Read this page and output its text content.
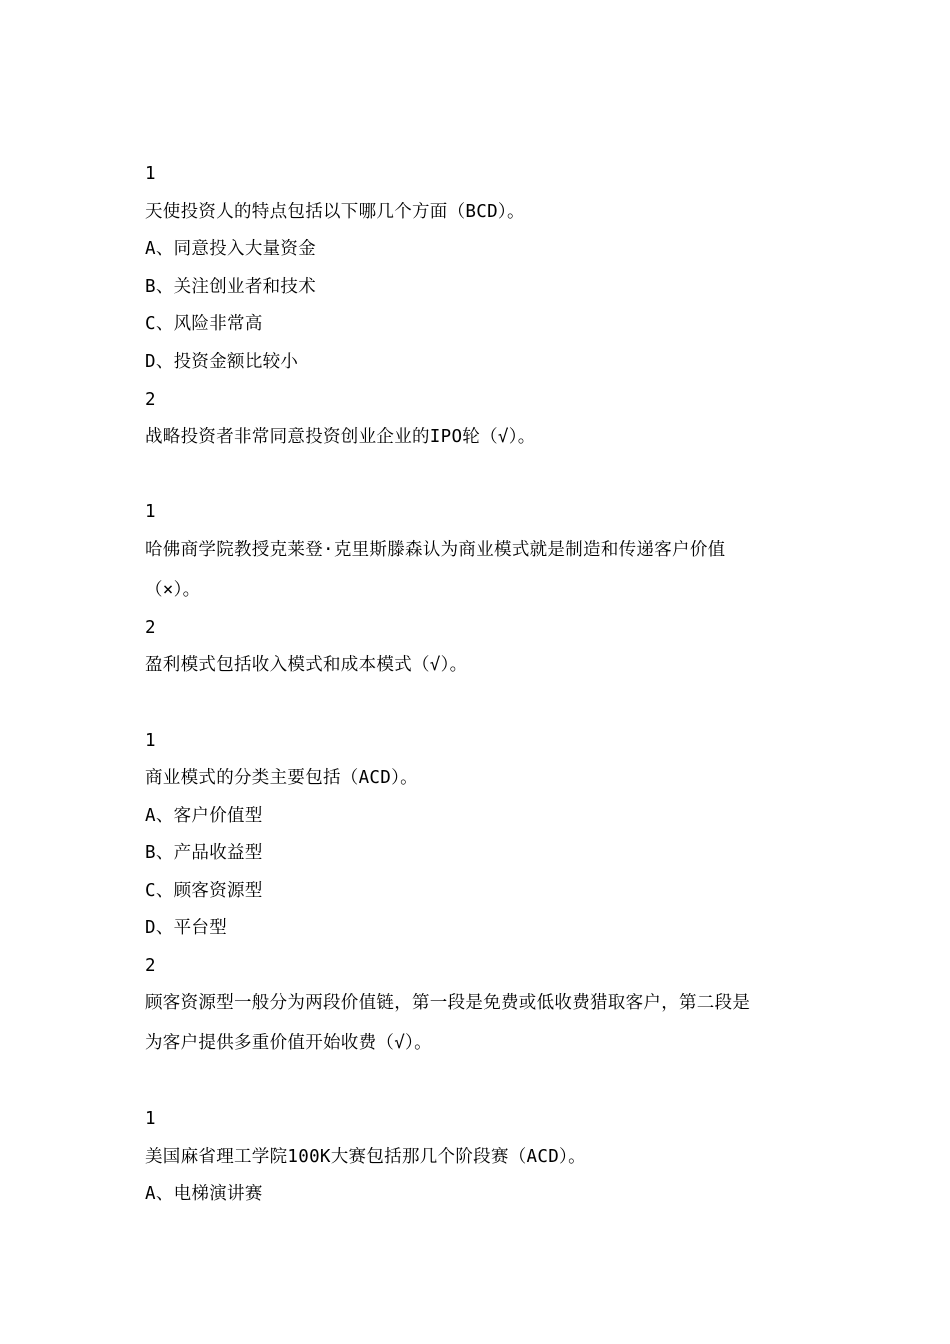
1
天使投资人的特点包括以下哪几个方面（BCD）。
A、同意投入大量资金
B、关注创业者和技术
C、风险非常高
D、投资金额比较小
2
战略投资者非常同意投资创业企业的IPO轮（√）。
1
哈佛商学院教授克莱登·克里斯滕森认为商业模式就是制造和传递客户价值
（×）。
2
盈利模式包括收入模式和成本模式（√）。
1
商业模式的分类主要包括（ACD）。
A、客户价值型
B、产品收益型
C、顾客资源型
D、平台型
2
顾客资源型一般分为两段价值链，第一段是免费或低收费猎取客户，第二段是
为客户提供多重价值开始收费（√）。
1
美国麻省理工学院100K大赛包括那几个阶段赛（ACD）。
A、电梯演讲赛
